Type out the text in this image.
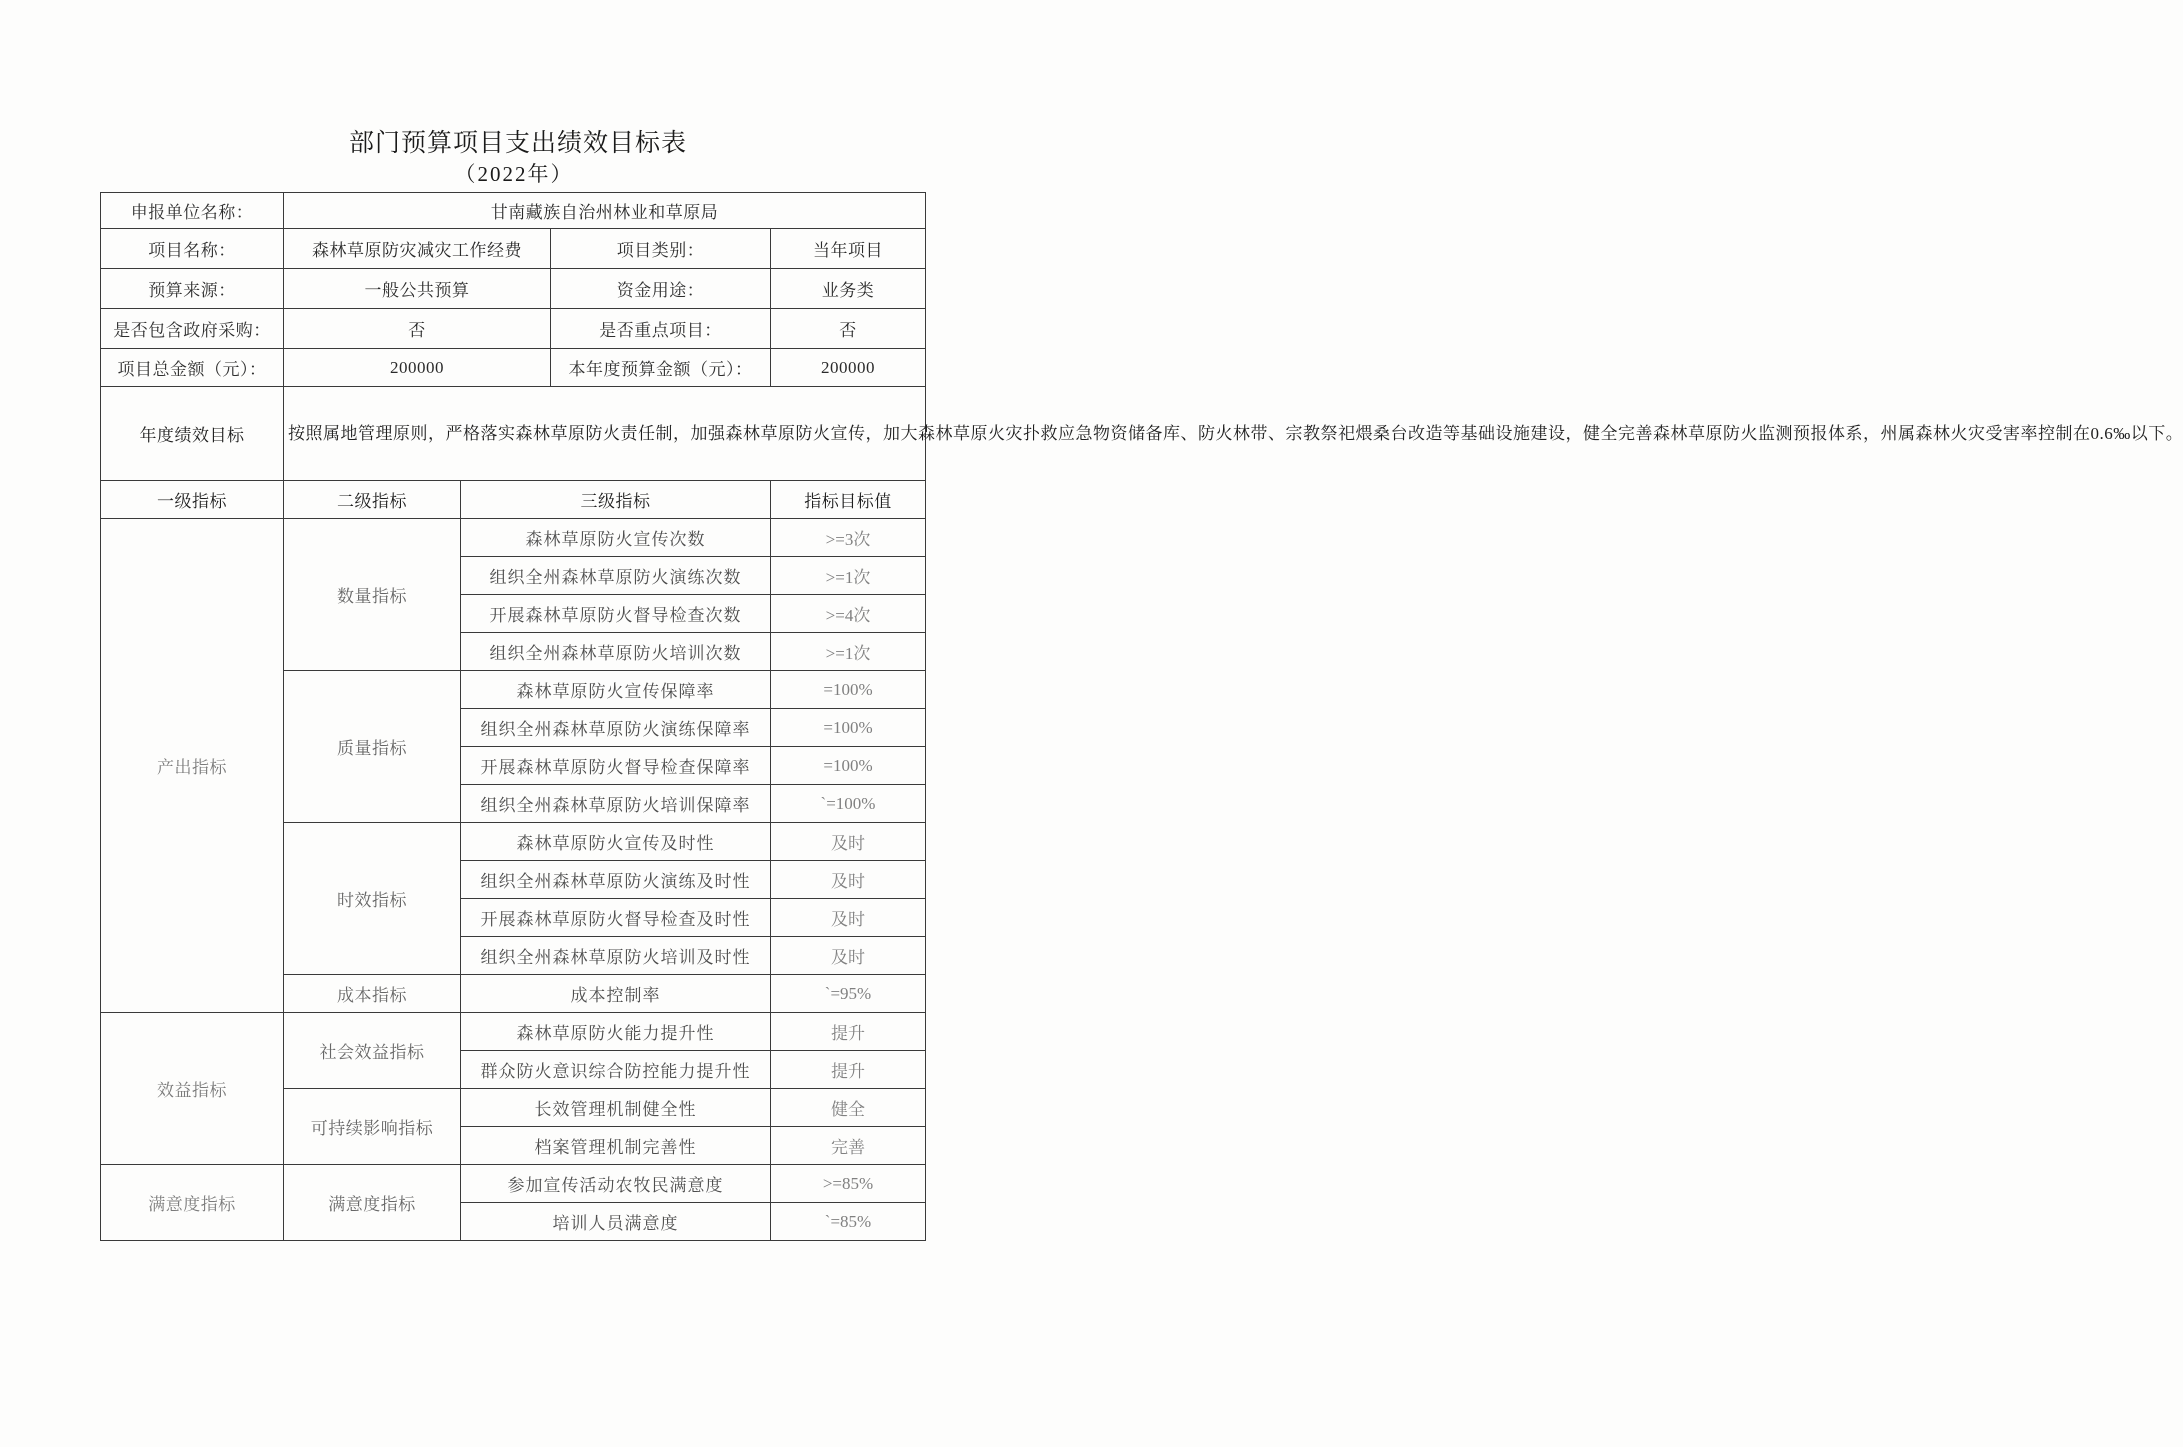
部门预算项目支出绩效目标表
（2022年）
申报单位名称：	甘南藏族自治州林业和草原局			
项目名称：	森林草原防灾减灾工作经费		项目类别：	当年项目
预算来源：	一般公共预算		资金用途：	业务类
是否包含政府采购：	否		是否重点项目：	否
项目总金额（元）：	200000		本年度预算金额（元）：	200000
年度绩效目标	按照属地管理原则，严格落实森林草原防火责任制，加强森林草原防火宣传，加大森林草原火灾扑救应急物资储备库、防火林带、宗教祭祀煨桑台改造等基础设施建设，健全完善森林草原防火监测预报体系，州属森林火灾受害率控制在0.6‰以下。			
一级指标	二级指标	三级指标		指标目标值
产出指标	数量指标	森林草原防火宣传次数		>=3次
		组织全州森林草原防火演练次数		>=1次
		开展森林草原防火督导检查次数		>=4次
		组织全州森林草原防火培训次数		>=1次
	质量指标	森林草原防火宣传保障率		=100%
		组织全州森林草原防火演练保障率		=100%
		开展森林草原防火督导检查保障率		=100%
		组织全州森林草原防火培训保障率		`=100%
	时效指标	森林草原防火宣传及时性		及时
		组织全州森林草原防火演练及时性		及时
		开展森林草原防火督导检查及时性		及时
		组织全州森林草原防火培训及时性		及时
	成本指标	成本控制率		`=95%
效益指标	社会效益指标	森林草原防火能力提升性		提升
		群众防火意识综合防控能力提升性		提升
	可持续影响指标	长效管理机制健全性		健全
		档案管理机制完善性		完善
满意度指标	满意度指标	参加宣传活动农牧民满意度		>=85%
		培训人员满意度		`=85%
